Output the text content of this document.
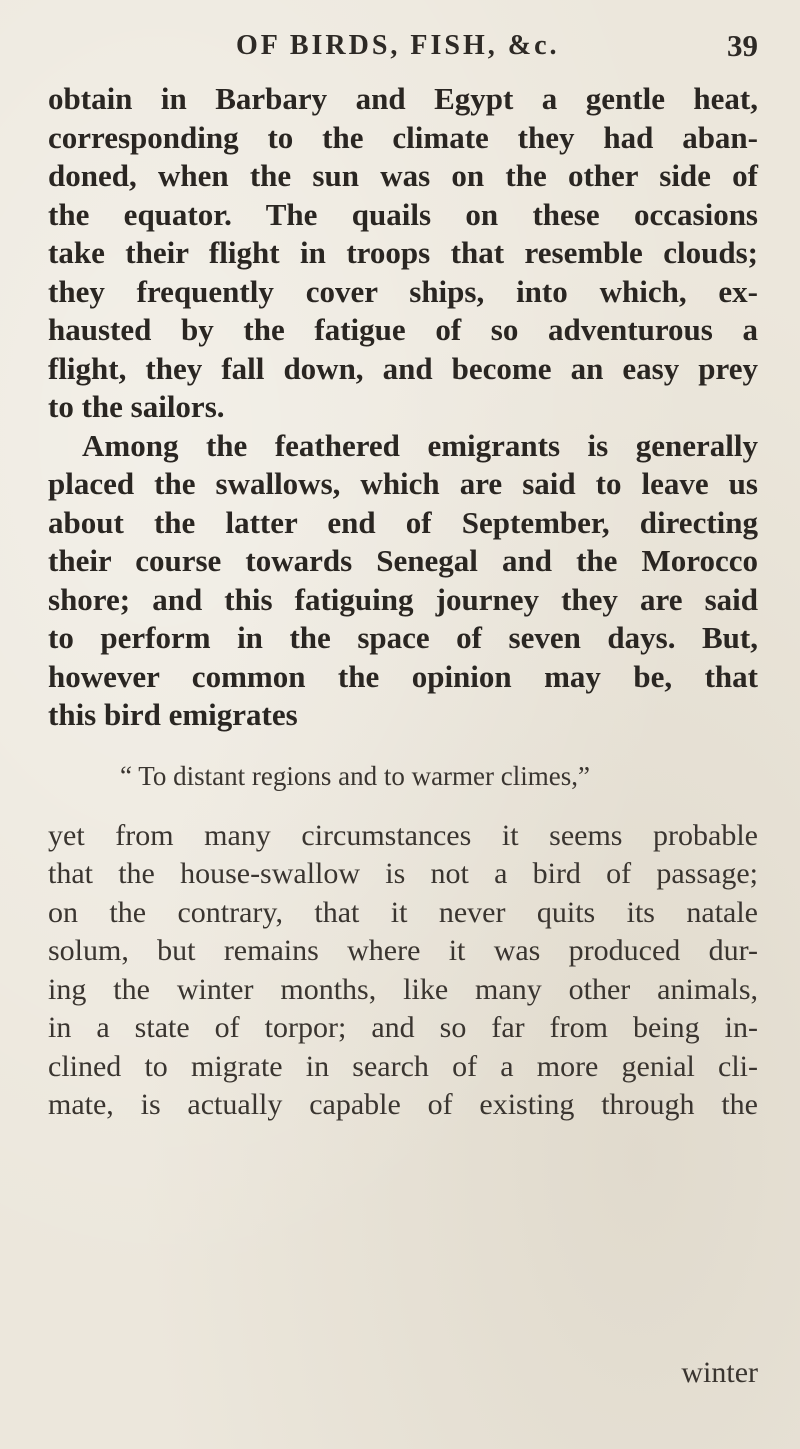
OF BIRDS, FISH, &c.	39
obtain in Barbary and Egypt a gentle heat,
corresponding to the climate they had aban-
doned, when the sun was on the other side of
the equator. The quails on these occasions
take their flight in troops that resemble clouds;
they frequently cover ships, into which, ex-
hausted by the fatigue of so adventurous a
flight, they fall down, and become an easy prey
to the sailors.
Among the feathered emigrants is generally
placed the swallows, which are said to leave us
about the latter end of September, directing
their course towards Senegal and the Morocco
shore; and this fatiguing journey they are said
to perform in the space of seven days. But,
however common the opinion may be, that
this bird emigrates
“ To distant regions and to warmer climes,”
yet from many circumstances it seems probable
that the house-swallow is not a bird of passage;
on the contrary, that it never quits its natale
solum, but remains where it was produced dur-
ing the winter months, like many other animals,
in a state of torpor; and so far from being in-
clined to migrate in search of a more genial cli-
mate, is actually capable of existing through the
winter
